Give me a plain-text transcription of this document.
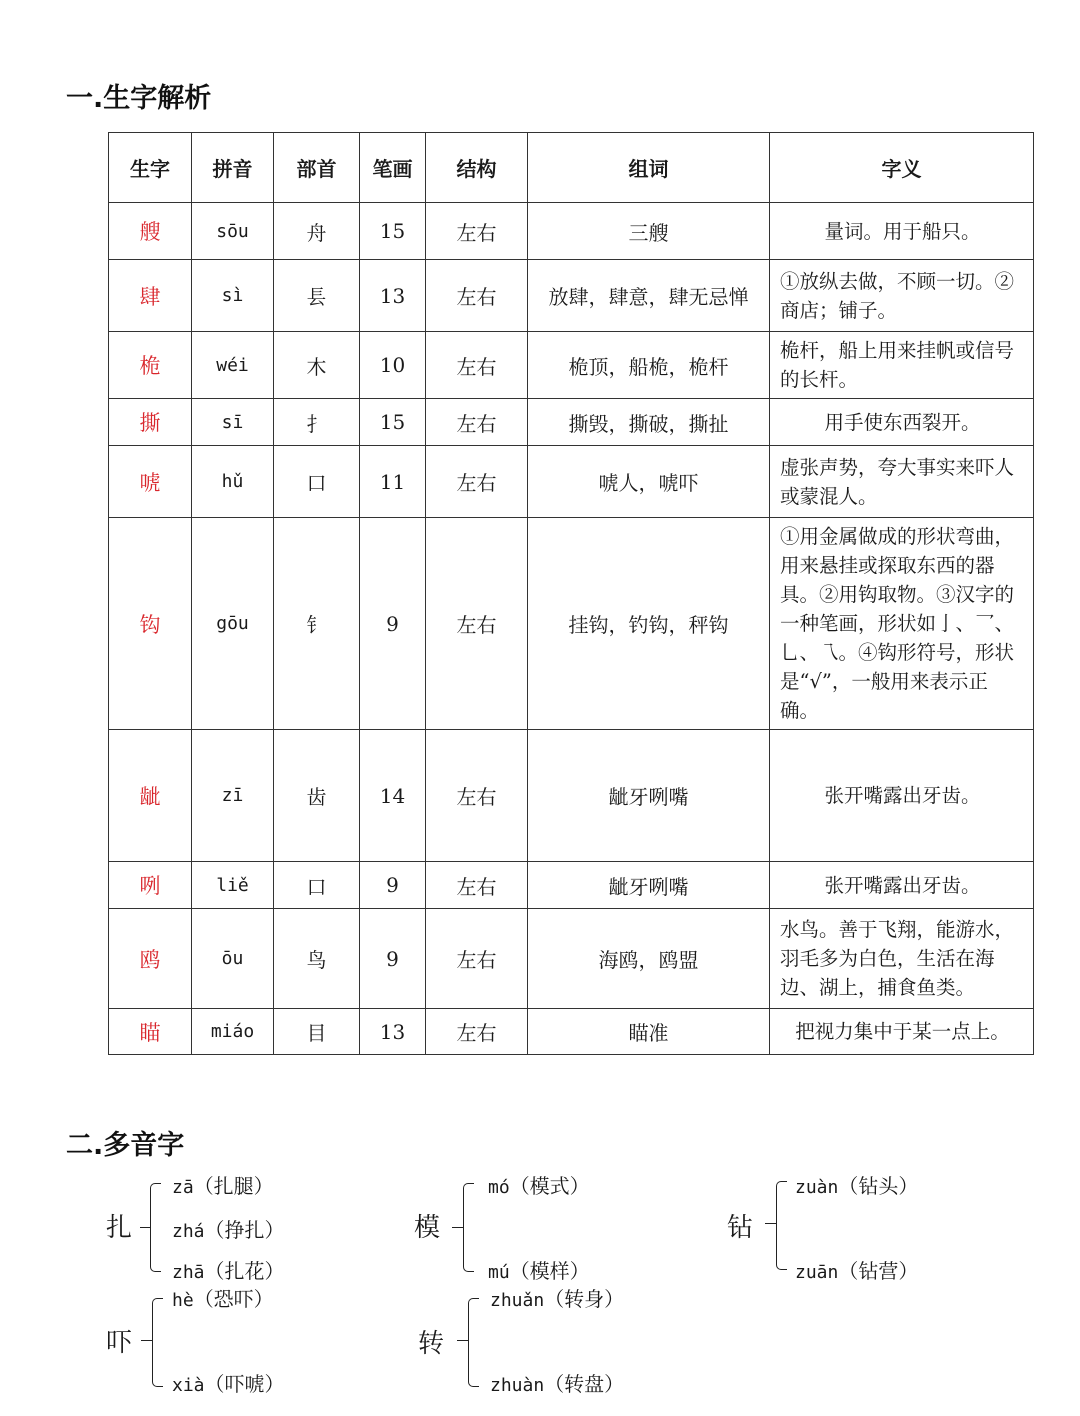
一.生字解析
生字	拼音	部首	笔画	结构	组词	字义
艘	sōu	舟	15	左右	三艘	量词。用于船只。
肆	sì	镸	13	左右	放肆，肆意，肆无忌惮	①放纵去做，不顾一切。②商店；铺子。
桅	wéi	木	10	左右	桅顶，船桅，桅杆	桅杆，船上用来挂帆或信号的长杆。
撕	sī	扌	15	左右	撕毁，撕破，撕扯	用手使东西裂开。
唬	hǔ	口	11	左右	唬人，唬吓	虚张声势，夸大事实来吓人或蒙混人。
钩	gōu	钅	9	左右	挂钩，钓钩，秤钩	①用金属做成的形状弯曲，用来悬挂或探取东西的器具。②用钩取物。③汉字的一种笔画，形状如亅、乛、乚、乁。④钩形符号，形状是“√”，一般用来表示正确。
龇	zī	齿	14	左右	龇牙咧嘴	张开嘴露出牙齿。
咧	liě	口	9	左右	龇牙咧嘴	张开嘴露出牙齿。
鸥	ōu	鸟	9	左右	海鸥，鸥盟	水鸟。善于飞翔，能游水，羽毛多为白色，生活在海边、湖上，捕食鱼类。
瞄	miáo	目	13	左右	瞄准	把视力集中于某一点上。
二.多音字
扎
zā（扎腿）
zhá（挣扎）
zhā（扎花）
模
mó（模式）
mú（模样）
钻
zuàn（钻头）
zuān（钻营）
吓
hè（恐吓）
xià（吓唬）
转
zhuǎn（转身）
zhuàn（转盘）
